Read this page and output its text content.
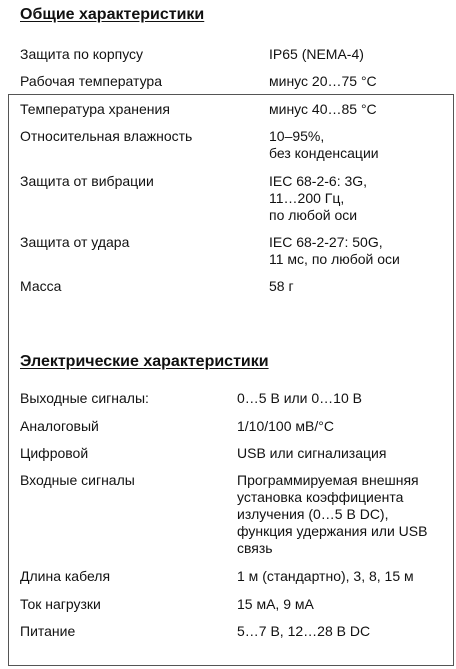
Общие характеристики
Защита по корпусу	IP65 (NEMA-4)
Рабочая температура	минус 20…75 °C
Температура хранения	минус 40…85 °C
Относительная влажность	10–95%,
без конденсации
Защита от вибрации	IEC 68-2-6: 3G,
11…200 Гц,
по любой оси
Защита от удара	IEC 68-2-27: 50G,
11 мс, по любой оси
Масса	58 г
Электрические характеристики
Выходные сигналы:	0…5 В или 0…10 В
Аналоговый	1/10/100 мВ/°С
Цифровой	USB или сигнализация
Входные сигналы	Программируемая внешняя
установка коэффициента
излучения (0…5 В DC),
функция удержания или USB
связь
Длина кабеля	1 м (стандартно), 3, 8, 15 м
Ток нагрузки	15 мА, 9 мА
Питание	5…7 В, 12…28 В DC
